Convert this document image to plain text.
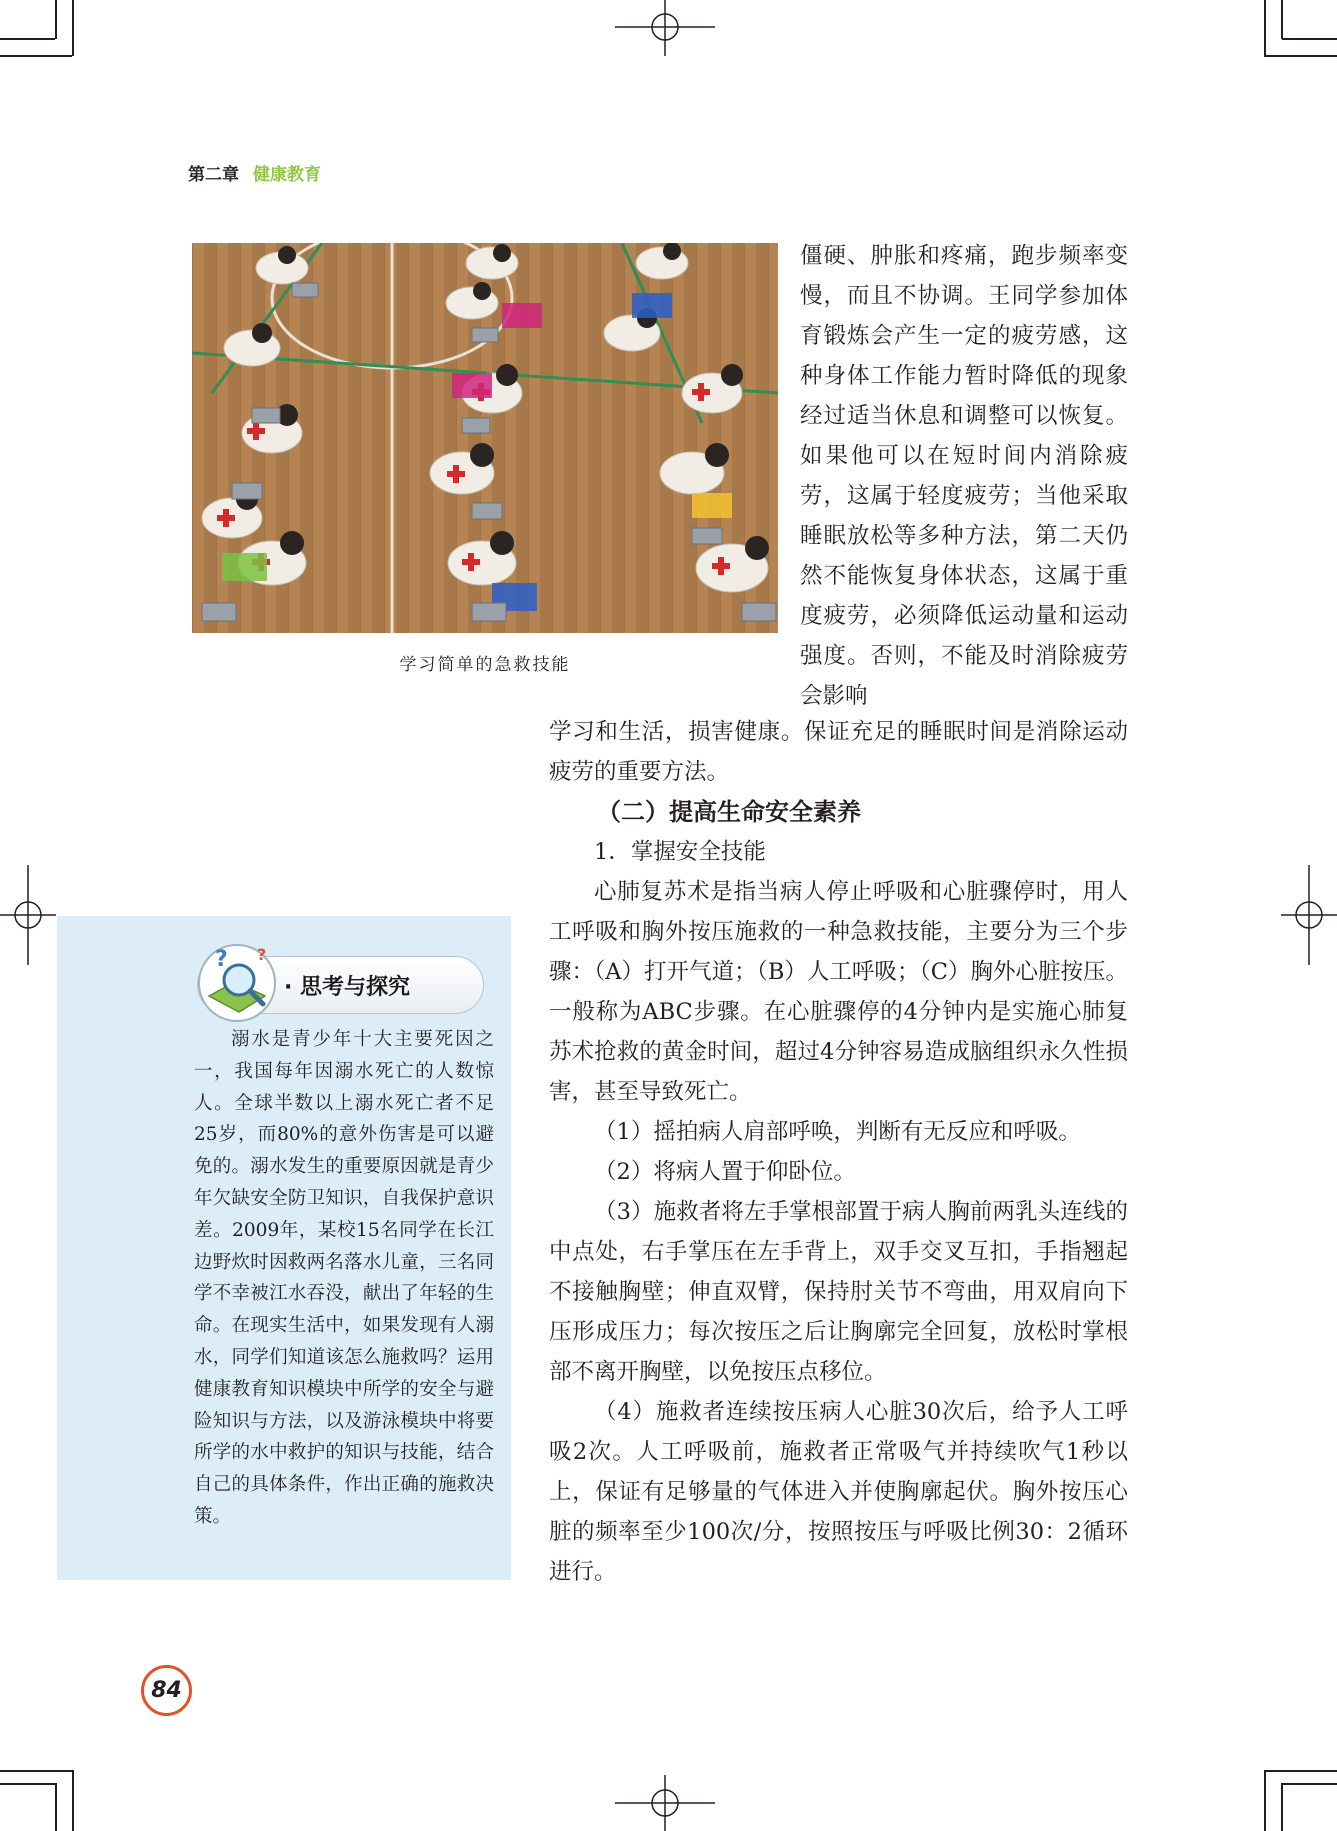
第二章 健康教育
学习简单的急救技能

僵硬、肿胀和疼痛，跑步频率变慢，而且不协调。王同学参加体育锻炼会产生一定的疲劳感，这种身体工作能力暂时降低的现象经过适当休息和调整可以恢复。如果他可以在短时间内消除疲劳，这属于轻度疲劳；当他采取睡眠放松等多种方法，第二天仍然不能恢复身体状态，这属于重度疲劳，必须降低运动量和运动强度。否则，不能及时消除疲劳会影响

学习和生活，损害健康。保证充足的睡眠时间是消除运动疲劳的重要方法。

（二）提高生命安全素养

1．掌握安全技能

心肺复苏术是指当病人停止呼吸和心脏骤停时，用人工呼吸和胸外按压施救的一种急救技能，主要分为三个步骤：（A）打开气道；（B）人工呼吸；（C）胸外心脏按压。一般称为ABC步骤。在心脏骤停的4分钟内是实施心肺复苏术抢救的黄金时间，超过4分钟容易造成脑组织永久性损害，甚至导致死亡。

（1）摇拍病人肩部呼唤，判断有无反应和呼吸。

（2）将病人置于仰卧位。

（3）施救者将左手掌根部置于病人胸前两乳头连线的中点处，右手掌压在左手背上，双手交叉互扣，手指翘起不接触胸壁；伸直双臂，保持肘关节不弯曲，用双肩向下压形成压力；每次按压之后让胸廓完全回复，放松时掌根部不离开胸壁，以免按压点移位。

（4）施救者连续按压病人心脏30次后，给予人工呼吸2次。人工呼吸前，施救者正常吸气并持续吹气1秒以上，保证有足够量的气体进入并使胸廓起伏。胸外按压心脏的频率至少100次/分，按照按压与呼吸比例30：2循环进行。

· 思考与探究
? ?

溺水是青少年十大主要死因之一，我国每年因溺水死亡的人数惊人。全球半数以上溺水死亡者不足25岁，而80%的意外伤害是可以避免的。溺水发生的重要原因就是青少年欠缺安全防卫知识，自我保护意识差。2009年，某校15名同学在长江边野炊时因救两名落水儿童，三名同学不幸被江水吞没，献出了年轻的生命。在现实生活中，如果发现有人溺水，同学们知道该怎么施救吗？运用健康教育知识模块中所学的安全与避险知识与方法，以及游泳模块中将要所学的水中救护的知识与技能，结合自己的具体条件，作出正确的施救决策。

84
